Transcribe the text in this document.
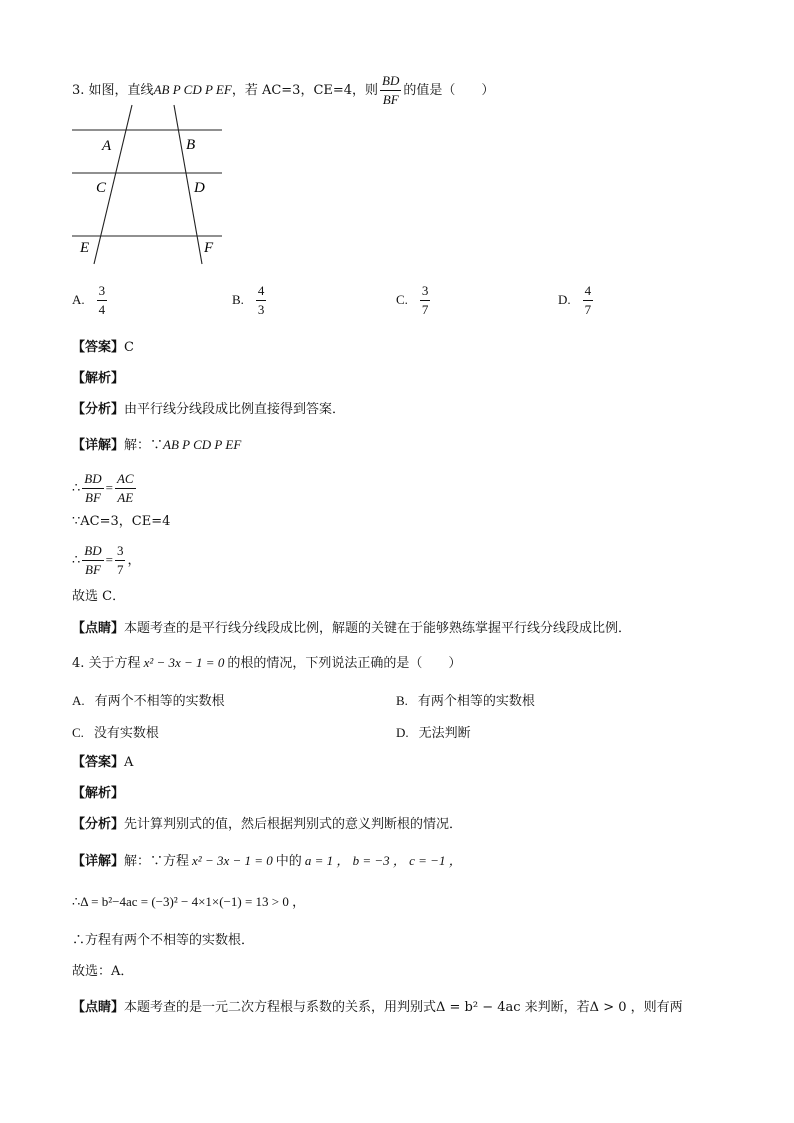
3. 如图，直线AB P CD P EF，若 AC=3，CE=4，则 $\frac{BD}{BF}$ 的值是（　　）
A	B
C	D
E	F
A. $\frac{3}{4}$	B. $\frac{4}{3}$	C. $\frac{3}{7}$	D. $\frac{4}{7}$
【答案】C
【解析】
【分析】由平行线分线段成比例直接得到答案．
【详解】解：∵AB P CD P EF
∴ $\frac{BD}{BF} = \frac{AC}{AE}$
∵AC=3，CE=4
∴ $\frac{BD}{BF} = \frac{3}{7}$ ，
故选 C．
【点睛】本题考查的是平行线分线段成比例，解题的关键在于能够熟练掌握平行线分线段成比例．
4. 关于方程 x² − 3x − 1 = 0 的根的情况，下列说法正确的是（　　）
A. 有两个不相等的实数根	B. 有两个相等的实数根
C. 没有实数根	D. 无法判断
【答案】A
【解析】
【分析】先计算判别式的值，然后根据判别式的意义判断根的情况．
【详解】解：∵方程 x² − 3x − 1 = 0 中的 a = 1 ， b = −3 ， c = −1 ，
∴Δ = b²−4ac = (−3)² − 4×1×(−1) = 13 > 0 ，
∴方程有两个不相等的实数根．
故选：A．
【点睛】本题考查的是一元二次方程根与系数的关系，用判别式Δ = b² − 4ac 来判断，若Δ > 0 ，则有两
